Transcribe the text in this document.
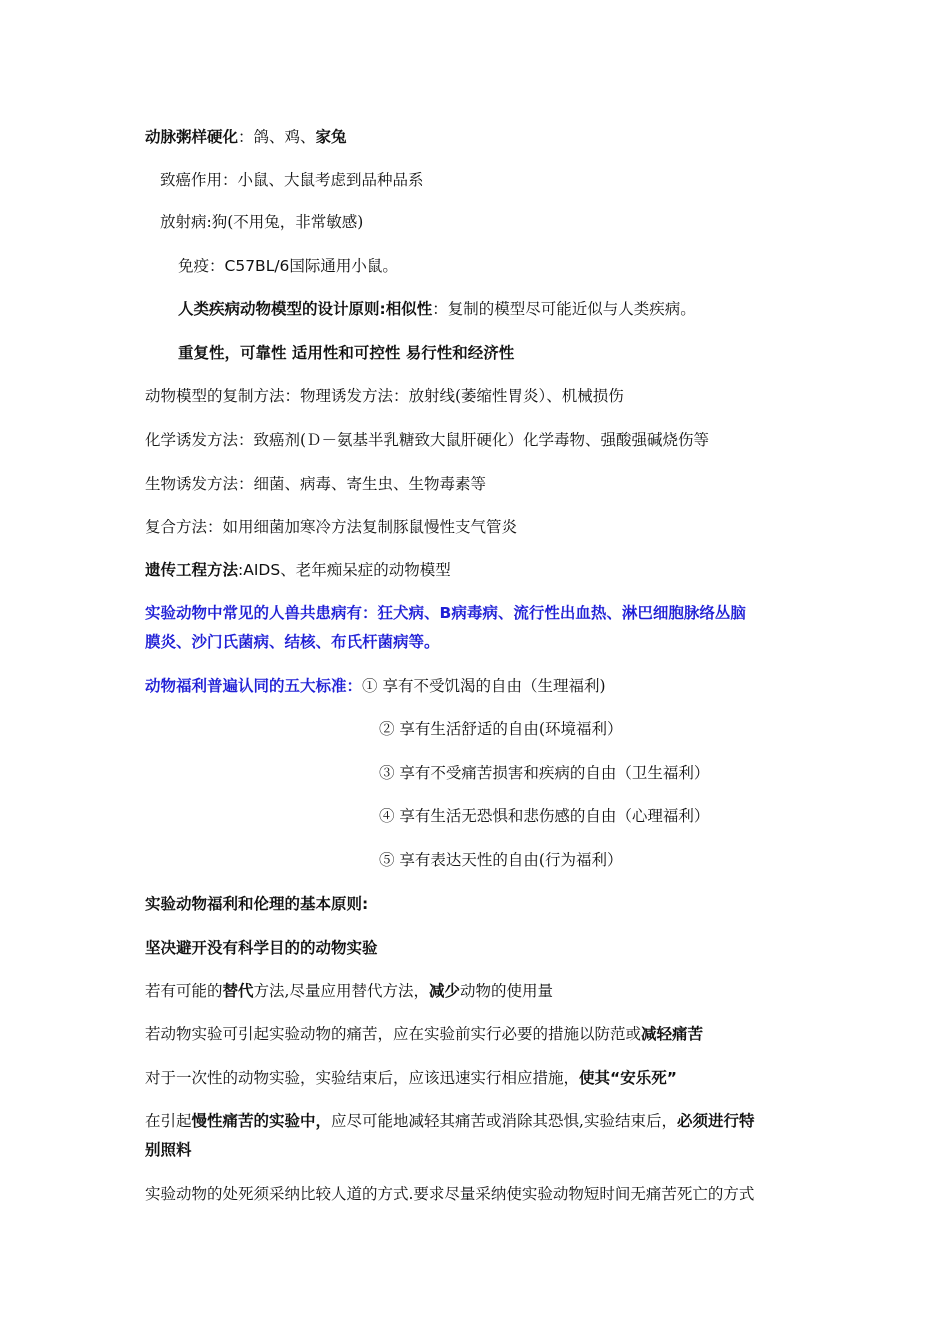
动脉粥样硬化：鸽、鸡、家兔
致癌作用：小鼠、大鼠考虑到品种品系
放射病:狗(不用兔，非常敏感)
免疫：C57BL/6国际通用小鼠。
人类疾病动物模型的设计原则:相似性：复制的模型尽可能近似与人类疾病。
重复性，可靠性 适用性和可控性 易行性和经济性
动物模型的复制方法：物理诱发方法：放射线(萎缩性胃炎）、机械损伤
化学诱发方法：致癌剂(Ｄ－氨基半乳糖致大鼠肝硬化）化学毒物、强酸强碱烧伤等
生物诱发方法：细菌、病毒、寄生虫、生物毒素等
复合方法：如用细菌加寒冷方法复制豚鼠慢性支气管炎
遗传工程方法:AIDS、老年痴呆症的动物模型
实验动物中常见的人兽共患病有：狂犬病、B病毒病、流行性出血热、淋巴细胞脉络丛脑
膜炎、沙门氏菌病、结核、布氏杆菌病等。
动物福利普遍认同的五大标准：① 享有不受饥渴的自由（生理福利)
② 享有生活舒适的自由(环境福利）
③ 享有不受痛苦损害和疾病的自由（卫生福利）
④ 享有生活无恐惧和悲伤感的自由（心理福利）
⑤ 享有表达天性的自由(行为福利）
实验动物福利和伦理的基本原则:
坚决避开没有科学目的的动物实验
若有可能的替代方法,尽量应用替代方法，减少动物的使用量
若动物实验可引起实验动物的痛苦，应在实验前实行必要的措施以防范或减轻痛苦
对于一次性的动物实验，实验结束后，应该迅速实行相应措施，使其“安乐死”
在引起慢性痛苦的实验中，应尽可能地减轻其痛苦或消除其恐惧,实验结束后，必须进行特
别照料
实验动物的处死须采纳比较人道的方式.要求尽量采纳使实验动物短时间无痛苦死亡的方式
